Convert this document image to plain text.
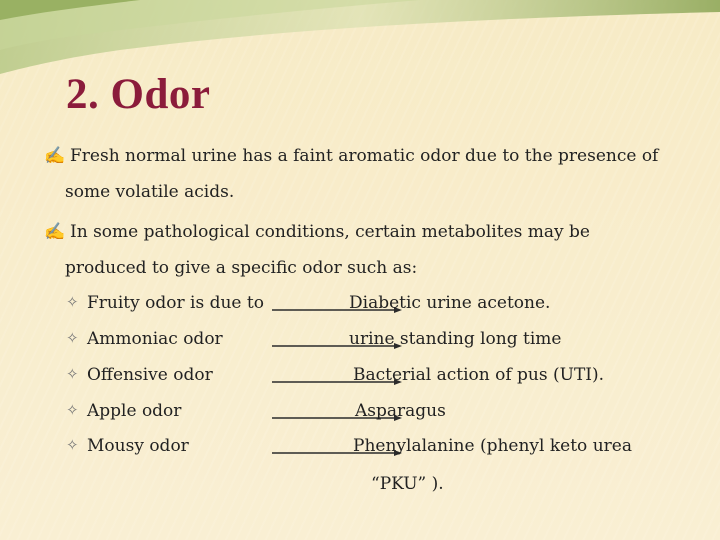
2. Odor
✍ Fresh normal urine has a faint aromatic odor due to the presence of
some volatile acids.
✍ In some pathological conditions, certain metabolites may be
produced to give a specific odor such as:
✧ Fruity odor is due to	Diabetic urine acetone.
✧ Ammoniac odor	urine standing long time
✧ Offensive odor	Bacterial action of pus (UTI).
✧ Apple odor	Asparagus
✧ Mousy odor	Phenylalanine (phenyl keto urea
“PKU” ).
